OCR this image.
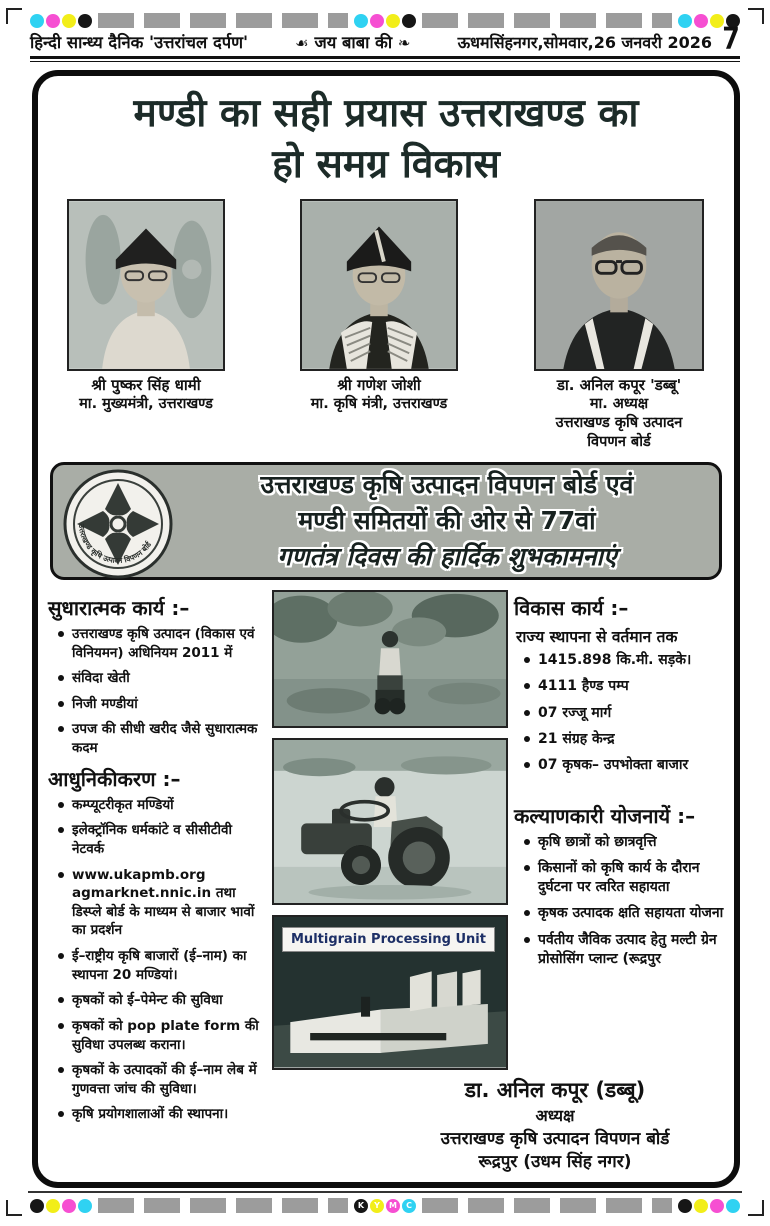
हिन्दी सान्ध्य दैनिक 'उत्तरांचल दर्पण'	☙ जय बाबा की ❧	ऊधमसिंहनगर,सोमवार,26 जनवरी 2026 7
मण्डी का सही प्रयास उत्तराखण्ड का
हो समग्र विकास
श्री पुष्कर सिंह धामी
मा. मुख्यमंत्री, उत्तराखण्ड
श्री गणेश जोशी
मा. कृषि मंत्री, उत्तराखण्ड
डा. अनिल कपूर 'डब्बू'
मा. अध्यक्ष
उत्तराखण्ड कृषि उत्पादन
विपणन बोर्ड
उत्तराखण्ड कृषि उत्पादन विपणन बोर्ड
उत्तराखण्ड कृषि उत्पादन विपणन बोर्ड एवं
मण्डी समितयों की ओर से 77वां
गणतंत्र दिवस की हार्दिक शुभकामनाएं
सुधारात्मक कार्य :–
उत्तराखण्ड कृषि उत्पादन (विकास एवं विनियमन) अधिनियम 2011 में
संविदा खेती
निजी मण्डीयां
उपज की सीधी खरीद जैसे सुधारात्मक कदम
आधुनिकीकरण :–
कम्प्यूटरीकृत मण्डियों
इलेक्ट्रॉनिक धर्मकांटे व सीसीटीवी नेटवर्क
www.ukapmb.org agmarknet.nnic.in तथा डिस्प्ले बोर्ड के माध्यम से बाजार भावों का प्रदर्शन
ई–राष्ट्रीय कृषि बाजारों (ई–नाम) का स्थापना 20 मण्डियां।
कृषकों को ई–पेमेन्ट की सुविधा
कृषकों को pop plate form की सुविधा उपलब्ध कराना।
कृषकों के उत्पादकों की ई–नाम लेब में गुणवत्ता जांच की सुविधा।
कृषि प्रयोगशालाओं की स्थापना।
Multigrain Processing Unit
विकास कार्य :–
राज्य स्थापना से वर्तमान तक
1415.898 कि.मी. सड़के।
4111 हैण्ड पम्प
07 रज्जू मार्ग
21 संग्रह केन्द्र
07 कृषक– उपभोक्ता बाजार
कल्याणकारी योजनायें :–
कृषि छात्रों को छात्रवृत्ति
किसानों को कृषि कार्य के दौरान दुर्घटना पर त्वरित सहायता
कृषक उत्पादक क्षति सहायता योजना
पर्वतीय जैविक उत्पाद हेतु मल्टी ग्रेन प्रोसोसिंग प्लान्ट (रूद्रपुर
डा. अनिल कपूर (डब्बू)
अध्यक्ष
उत्तराखण्ड कृषि उत्पादन विपणन बोर्ड
रूद्रपुर (उधम सिंह नगर)
K Y M C
